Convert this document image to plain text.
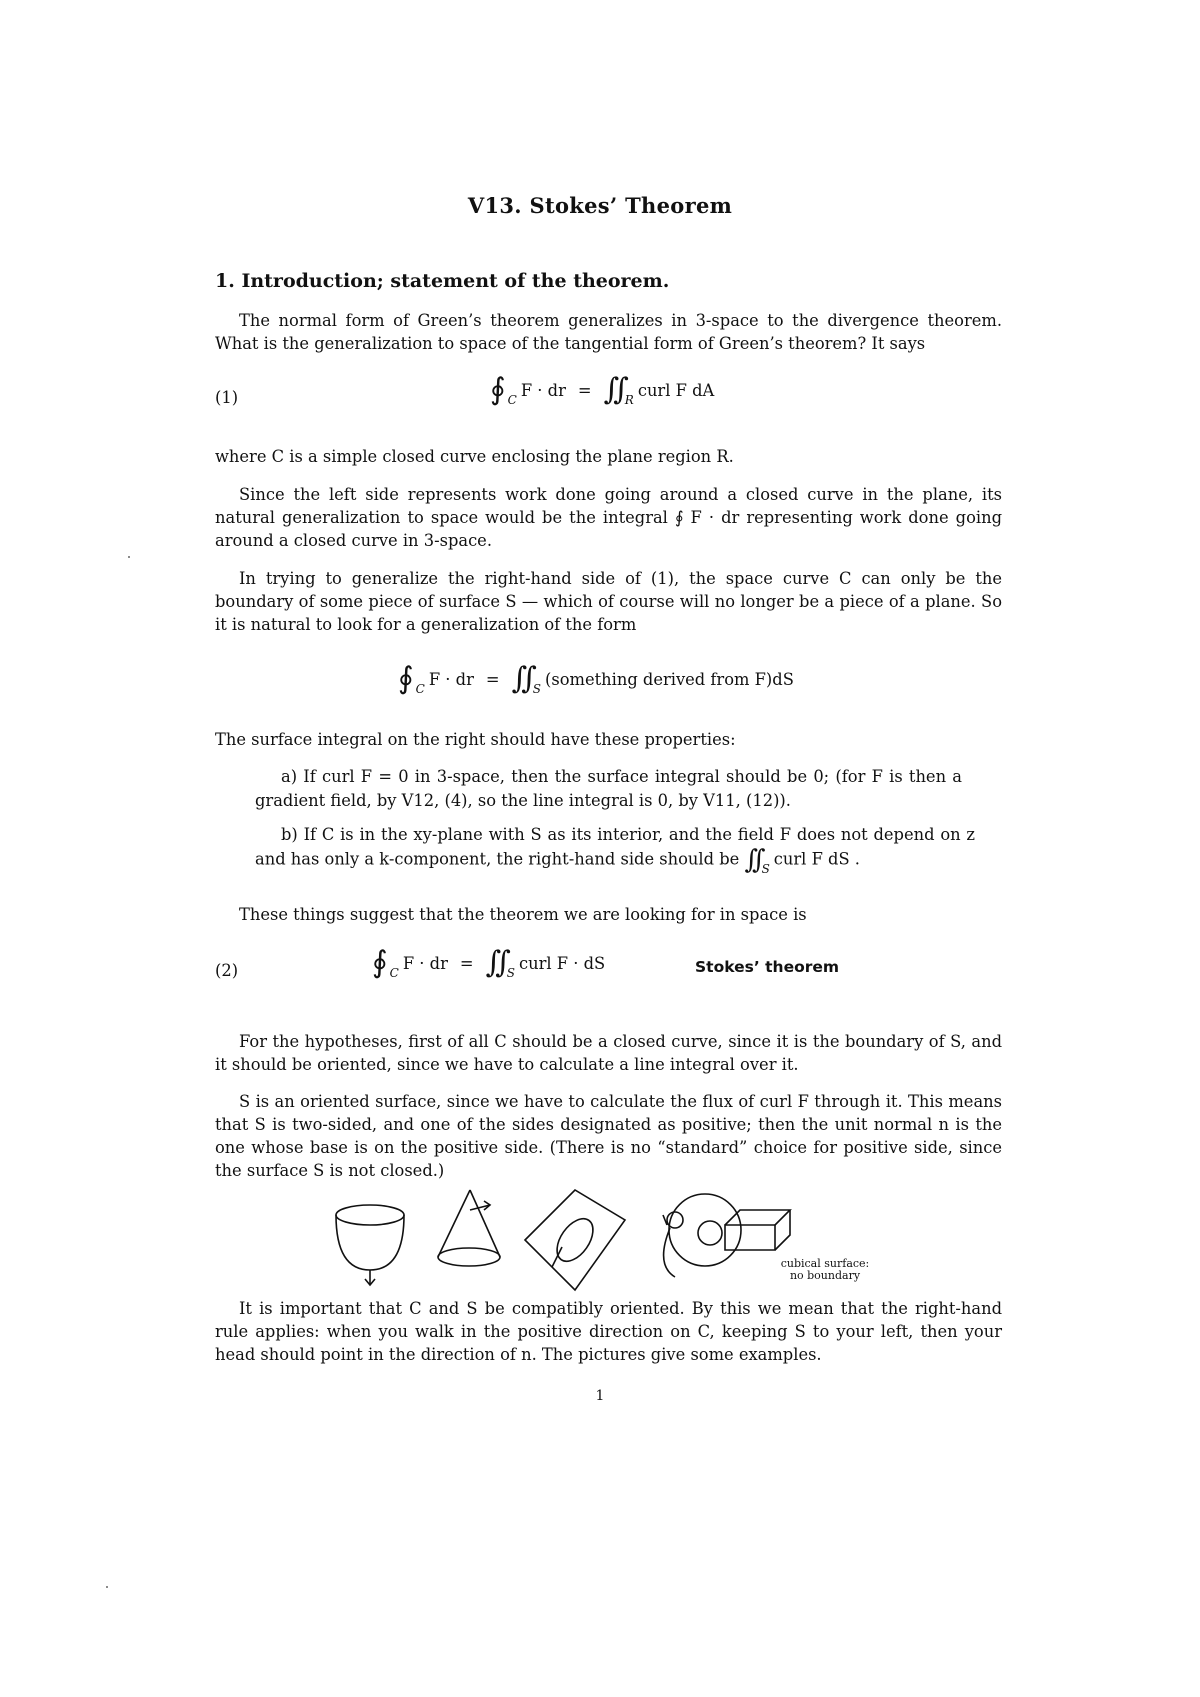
V13. Stokes’ Theorem
1. Introduction; statement of the theorem.

The normal form of Green’s theorem generalizes in 3-space to the divergence theorem. What is the generalization to space of the tangential form of Green’s theorem? It says

(1)	∮ C
F · dr = ∫∫ R
curl F dA

where C is a simple closed curve enclosing the plane region R.

Since the left side represents work done going around a closed curve in the plane, its natural generalization to space would be the integral ∮ F · dr representing work done going around a closed curve in 3-space.

In trying to generalize the right-hand side of (1), the space curve C can only be the boundary of some piece of surface S — which of course will no longer be a piece of a plane. So it is natural to look for a generalization of the form

∮ C
F · dr = ∫∫ S
(something derived from F)dS

The surface integral on the right should have these properties:

a) If curl F = 0 in 3-space, then the surface integral should be 0; (for F is then a gradient field, by V12, (4), so the line integral is 0, by V11, (12)).

b) If C is in the xy-plane with S as its interior, and the field F does not depend on z and has only a k-component, the right-hand side should be ∫∫ $_S$ curl F dS .

These things suggest that the theorem we are looking for in space is

(2)	∮ C
F · dr = ∫∫ S
curl F · dS	Stokes’ theorem

For the hypotheses, first of all C should be a closed curve, since it is the boundary of S, and it should be oriented, since we have to calculate a line integral over it.

S is an oriented surface, since we have to calculate the flux of curl F through it. This means that S is two-sided, and one of the sides designated as positive; then the unit normal n is the one whose base is on the positive side. (There is no “standard” choice for positive side, since the surface S is not closed.)

cubical surface:
no boundary

It is important that C and S be compatibly oriented. By this we mean that the right-hand rule applies: when you walk in the positive direction on C, keeping S to your left, then your head should point in the direction of n. The pictures give some examples.

1
